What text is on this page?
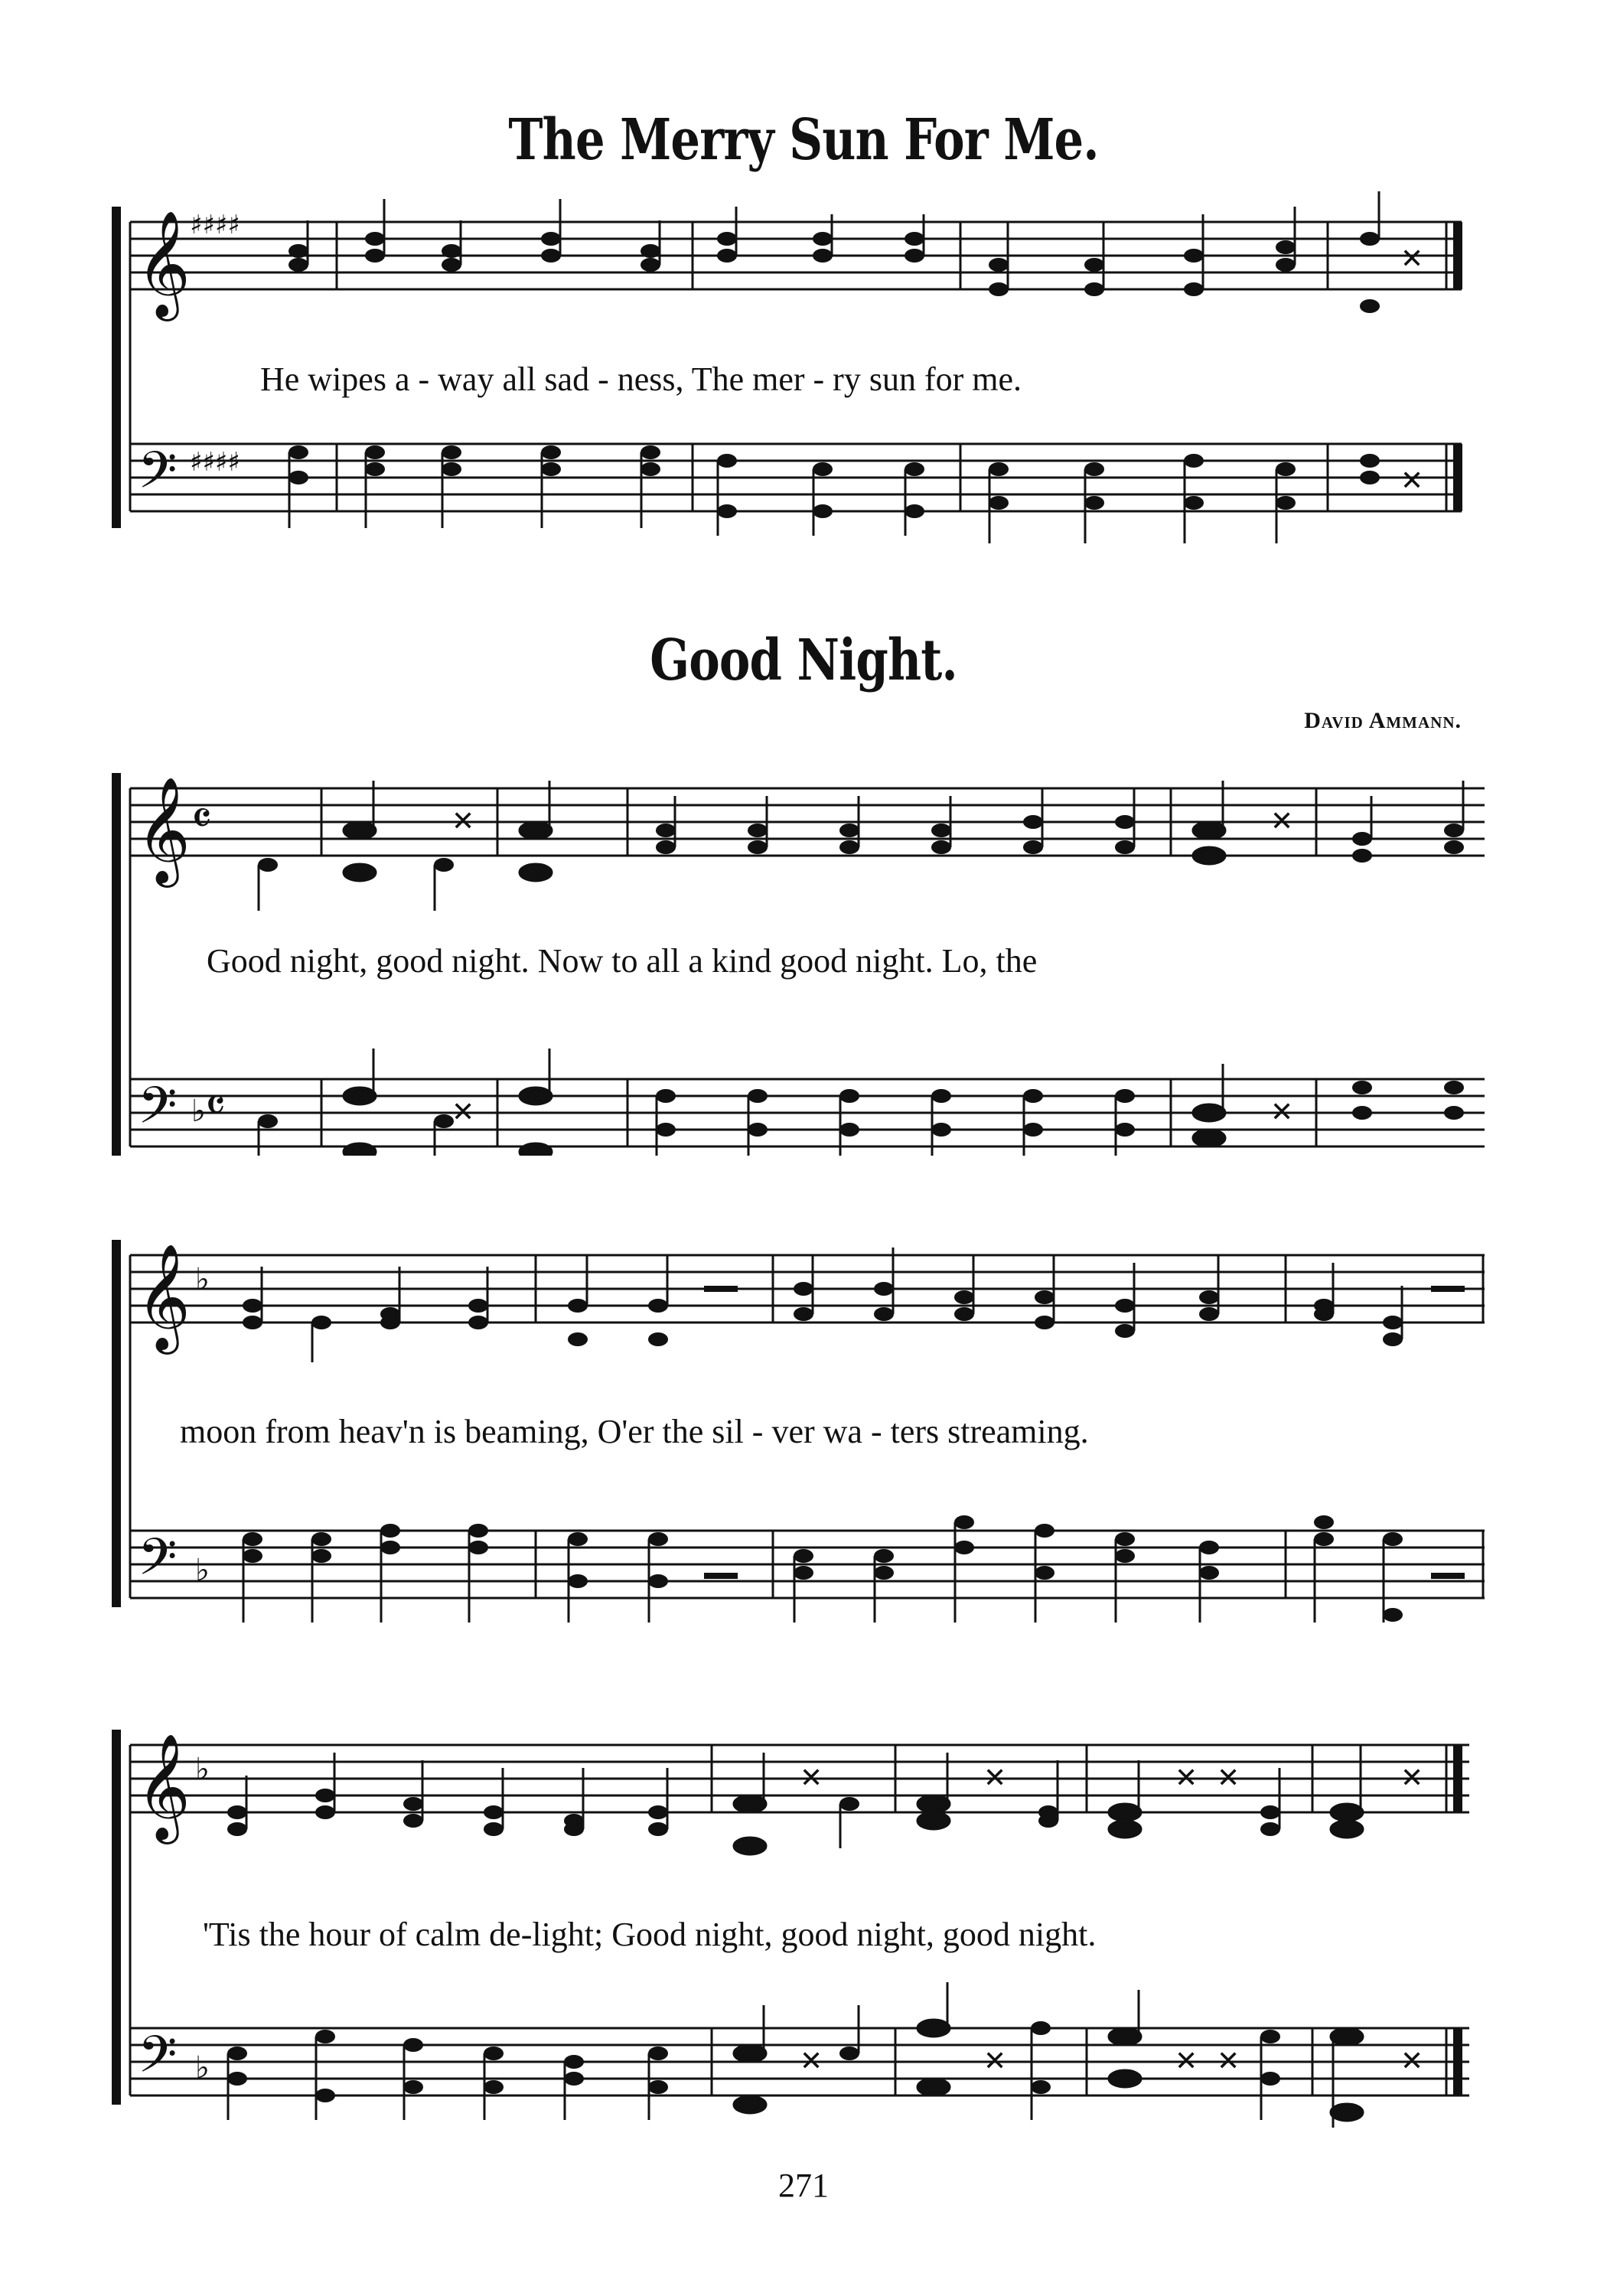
The Merry Sun For Me.
𝄞
𝄢
♯♯♯♯
♯♯♯♯
✕
✕
He wipes a - way all sad - ness, The mer - ry sun for me.
Good Night.
David Ammann.
𝄞
𝄢
𝄴
♭ 𝄴
✕	✕
✕	✕
Good night, good night. Now to all a kind good night. Lo, the
𝄞
𝄢
♭
♭
moon from heav'n is beaming, O'er the sil - ver wa - ters streaming.
𝄞
𝄢
♭
♭
✕	✕	✕ ✕	✕
✕	✕	✕ ✕	✕
'Tis the hour of calm de-light; Good night, good night, good night.
271
